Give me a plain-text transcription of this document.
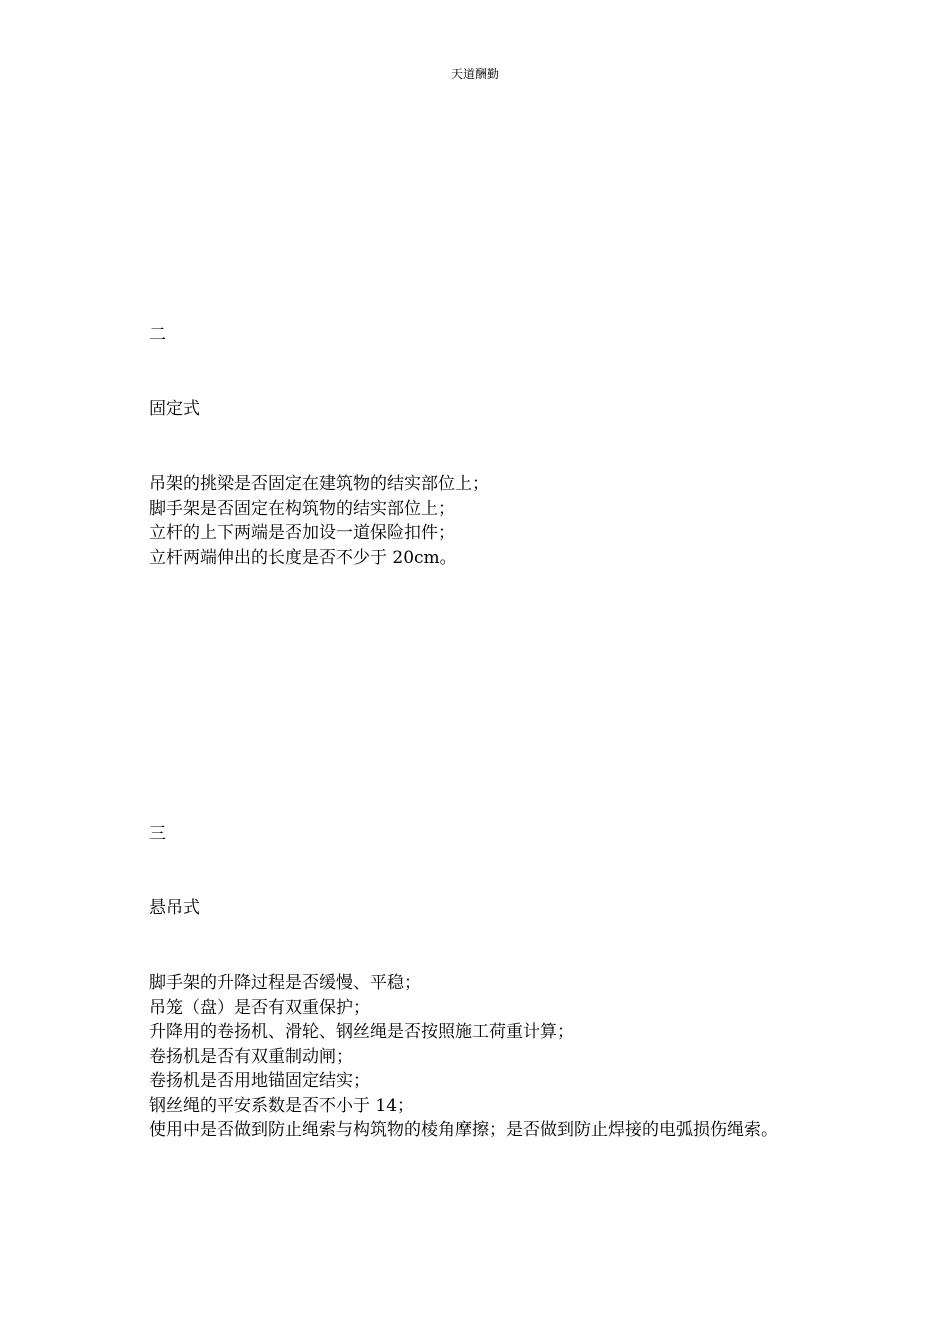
天道酬勤
二
固定式
吊架的挑梁是否固定在建筑物的结实部位上；
脚手架是否固定在构筑物的结实部位上；
立杆的上下两端是否加设一道保险扣件；
立杆两端伸出的长度是否不少于 20cm。
三
悬吊式
脚手架的升降过程是否缓慢、平稳；
吊笼（盘）是否有双重保护；
升降用的卷扬机、滑轮、钢丝绳是否按照施工荷重计算；
卷扬机是否有双重制动闸；
卷扬机是否用地锚固定结实；
钢丝绳的平安系数是否不小于 14；
使用中是否做到防止绳索与构筑物的棱角摩擦；是否做到防止焊接的电弧损伤绳索。
